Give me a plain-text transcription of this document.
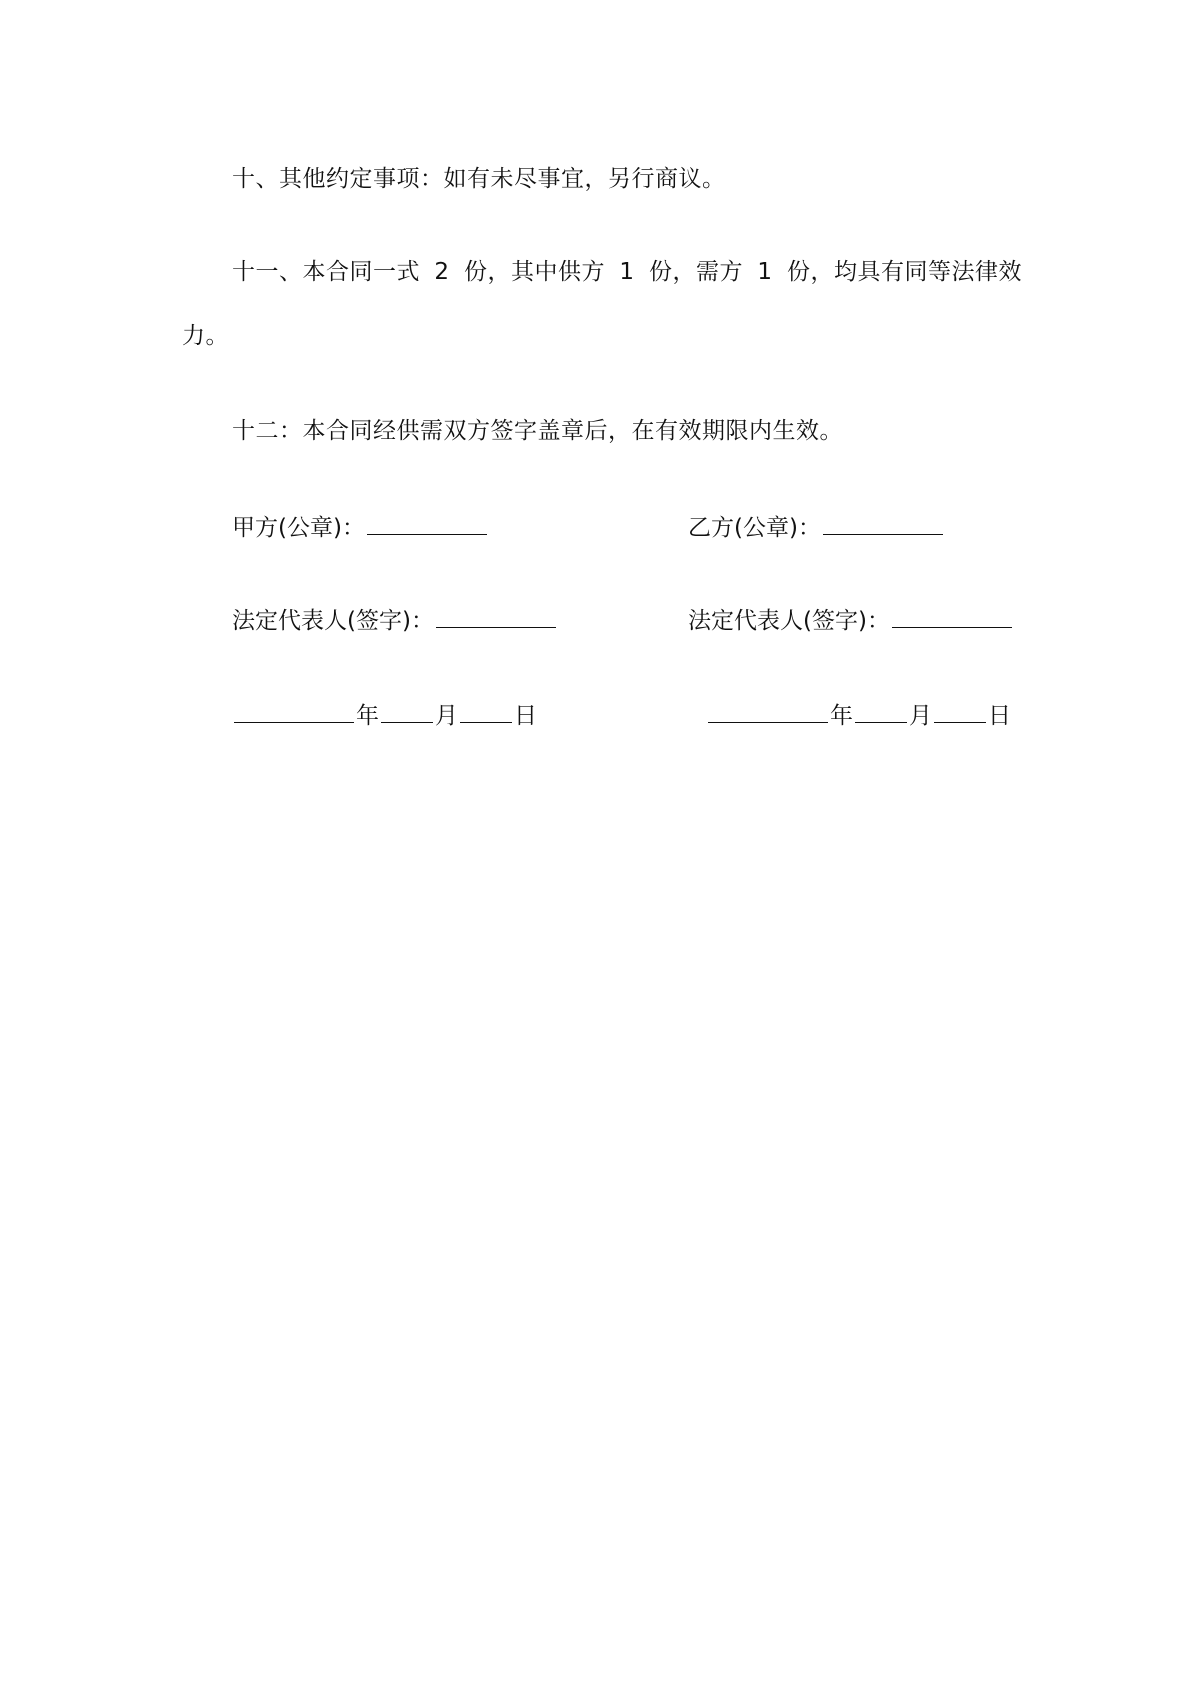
十、其他约定事项：如有未尽事宜，另行商议。
十一、本合同一式 2 份，其中供方 1 份，需方 1 份，均具有同等法律效
力。
十二：本合同经供需双方签字盖章后，在有效期限内生效。
甲方(公章)：	乙方(公章)：
法定代表人(签字)：	法定代表人(签字)：
年 月 日	年 月 日
